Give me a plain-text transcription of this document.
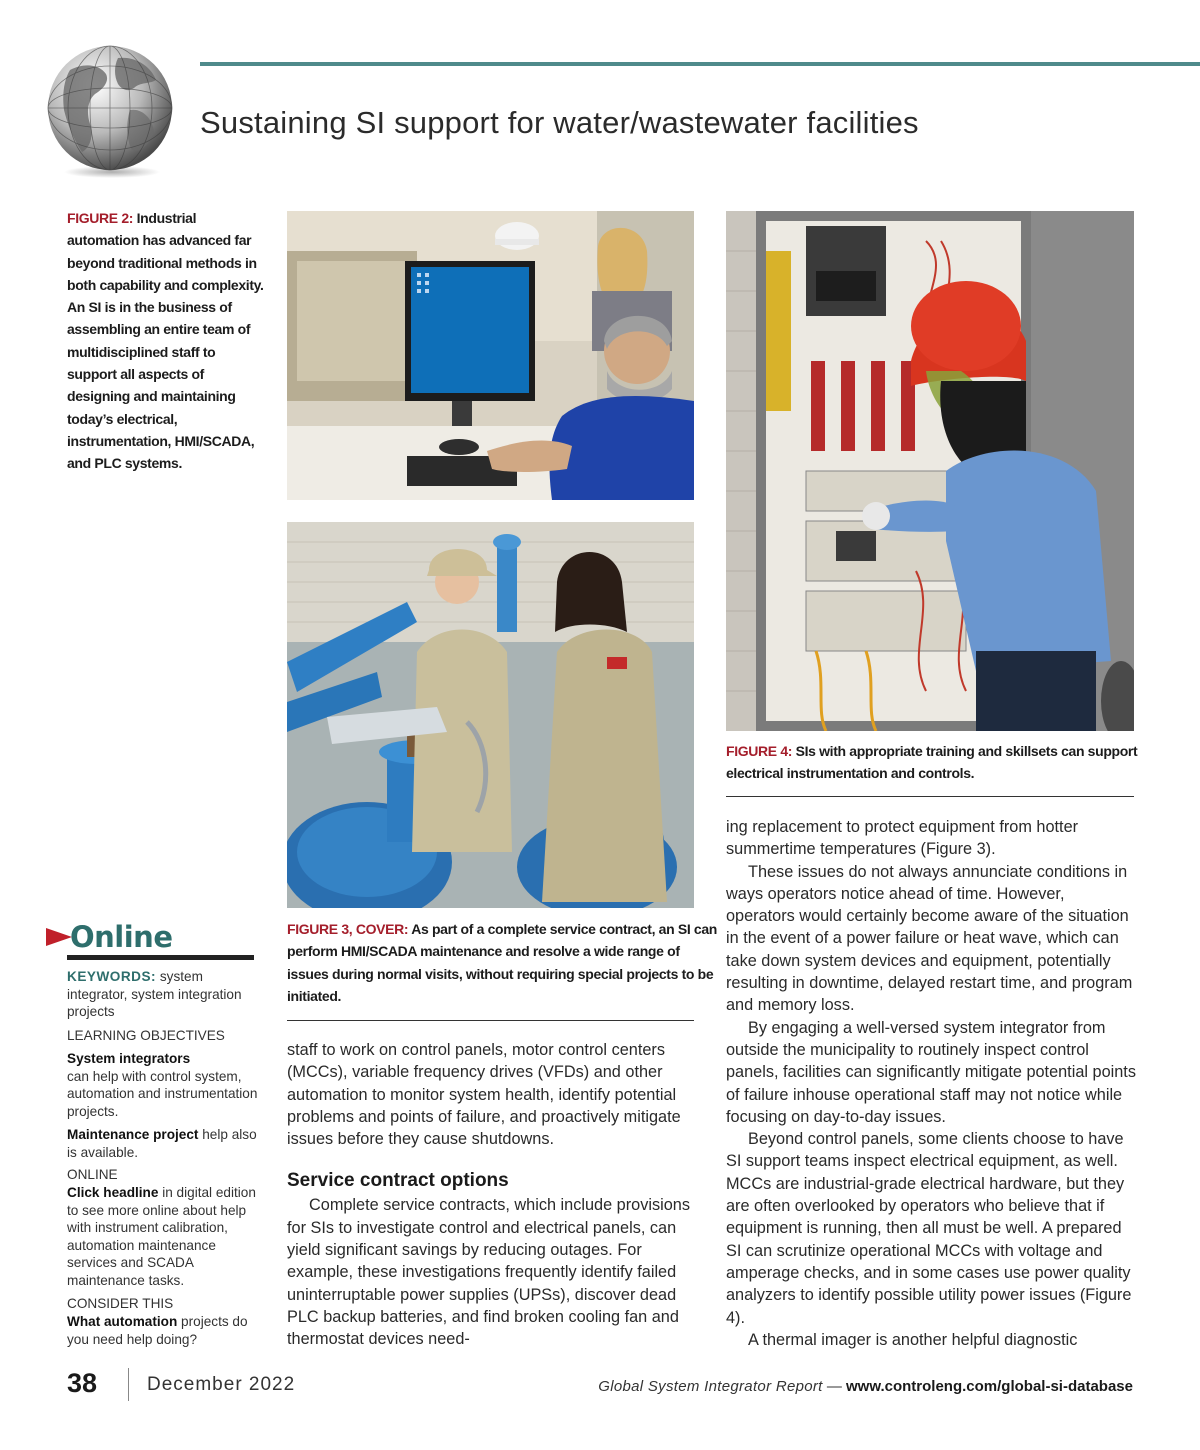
Sustaining SI support for water/wastewater facilities
FIGURE 2: Industrial automation has advanced far beyond traditional methods in both capability and complexity. An SI is in the business of assembling an entire team of multidisciplined staff to support all aspects of designing and maintaining today’s electrical, instrumentation, HMI/SCADA, and PLC systems.
FIGURE 4: SIs with appropriate training and skillsets can support electrical instrumentation and controls.
FIGURE 3, COVER: As part of a complete service contract, an SI can perform HMI/SCADA maintenance and resolve a wide range of issues during normal visits, without requiring special projects to be initiated.
Online
KEYWORDS: system integrator, system integration projects
LEARNING OBJECTIVES
System integrators
can help with control system, automation and instrumentation projects.
Maintenance project help also is available.
ONLINE
Click headline in digital edition to see more online about help with instrument calibration, automation maintenance services and SCADA maintenance tasks.
CONSIDER THIS
What automation projects do you need help doing?

staff to work on control panels, motor control centers (MCCs), variable frequency drives (VFDs) and other automation to monitor system health, identify potential problems and points of failure, and proactively mitigate issues before they cause shutdowns.

Service contract options

Complete service contracts, which include provisions for SIs to investigate control and electrical panels, can yield significant savings by reducing outages. For example, these investigations frequently identify failed uninterruptable power supplies (UPSs), discover dead PLC backup batteries, and find broken cooling fan and thermostat devices need-

ing replacement to protect equipment from hotter summertime temperatures (Figure 3).

These issues do not always annunciate conditions in ways operators notice ahead of time. However, operators would certainly become aware of the situation in the event of a power failure or heat wave, which can take down system devices and equipment, potentially resulting in downtime, delayed restart time, and program and memory loss.

By engaging a well-versed system integrator from outside the municipality to routinely inspect control panels, facilities can significantly mitigate potential points of failure inhouse operational staff may not notice while focusing on day-to-day issues.

Beyond control panels, some clients choose to have SI support teams inspect electrical equipment, as well. MCCs are industrial-grade electrical hardware, but they are often overlooked by operators who believe that if equipment is running, then all must be well. A prepared SI can scrutinize operational MCCs with voltage and amperage checks, and in some cases use power quality analyzers to identify possible utility power issues (Figure 4).

A thermal imager is another helpful diagnostic

38	December 2022	Global System Integrator Report — www.controleng.com/global-si-database
